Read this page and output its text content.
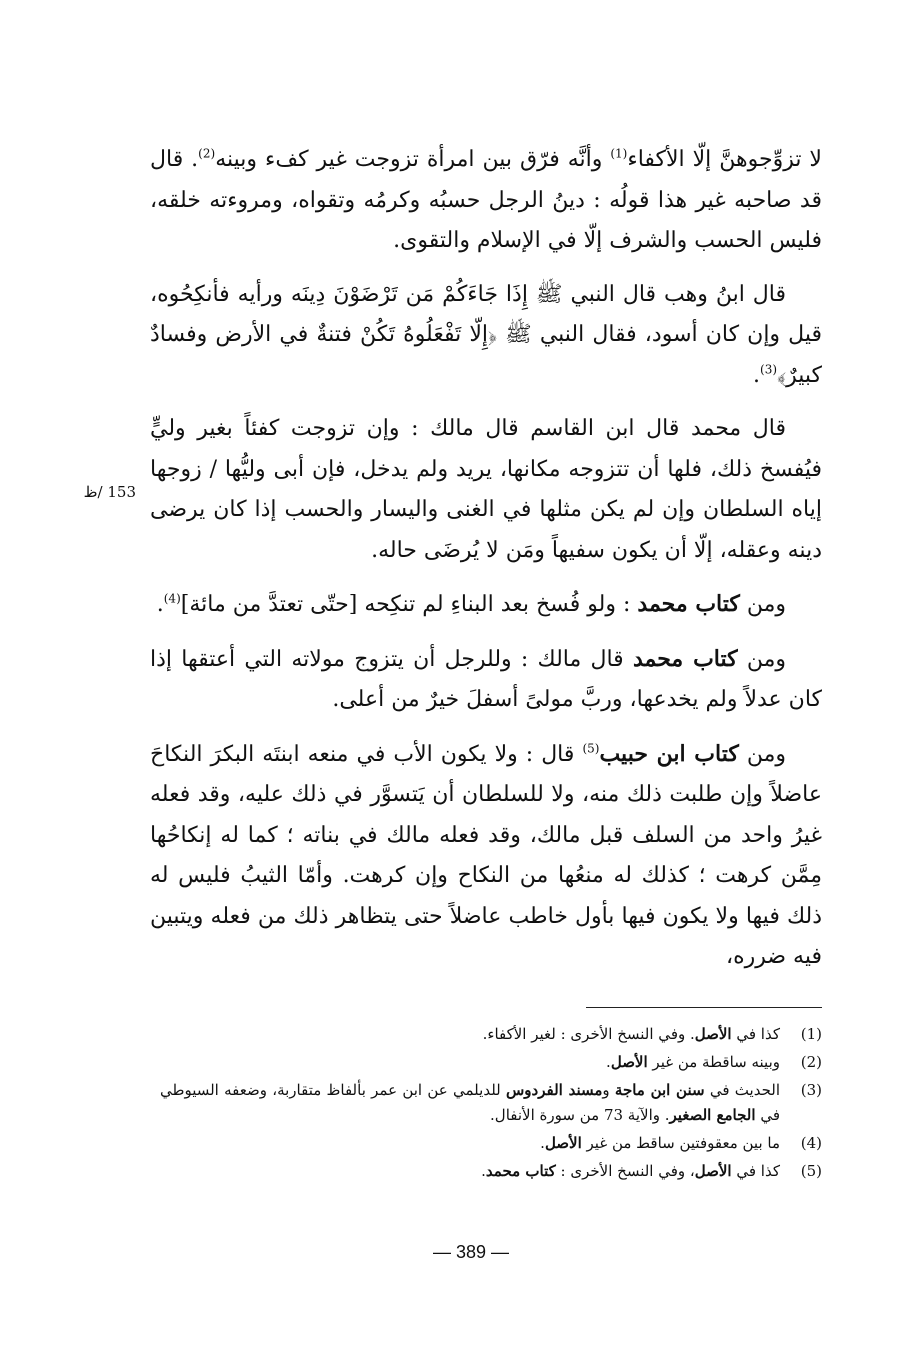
لا تزوِّجوهنَّ إلّا الأكفاء$^{(1)}$ وأنَّه فرّق بين امرأة تزوجت غير كفء وبينه$^{(2)}$. قال قد صاحبه غير هذا قولُه : دينُ الرجل حسبُه وكرمُه وتقواه، ومروءته خلقه، فليس الحسب والشرف إلّا في الإسلام والتقوى.

قال ابنُ وهب قال النبي ﷺ إِذَا جَاءَكُمْ مَن تَرْضَوْنَ دِينَه ورأيه فأنكِحُوه، قيل وإن كان أسود، فقال النبي ﷺ ﴿إِلّا تَفْعَلُوهُ تَكُنْ فتنةٌ في الأرض وفسادٌ كبيرٌ﴾$^{(3)}$.

قال محمد قال ابن القاسم قال مالك : وإن تزوجت كفئاً بغير وليٍّ فيُفسخ ذلك، فلها أن تتزوجه مكانها، يريد ولم يدخل، فإن أبى وليُّها / زوجها إياه السلطان وإن لم يكن مثلها في الغنى واليسار والحسب إذا كان يرضى دينه وعقله، إلّا أن يكون سفيهاً ومَن لا يُرضَى حاله.

ومن كتاب محمد : ولو فُسخ بعد البناءِ لم تنكِحه [حتّى تعتدَّ من مائة]$^{(4)}$.

ومن كتاب محمد قال مالك : وللرجل أن يتزوج مولاته التي أعتقها إذا كان عدلاً ولم يخدعها، وربَّ مولىً أسفلَ خيرٌ من أعلى.

ومن كتاب ابن حبيب$^{(5)}$ قال : ولا يكون الأب في منعه ابنتَه البكرَ النكاحَ عاضلاً وإن طلبت ذلك منه، ولا للسلطان أن يَتسوَّر في ذلك عليه، وقد فعله غيرُ واحد من السلف قبل مالك، وقد فعله مالك في بناته ؛ كما له إنكاحُها مِمَّن كرهت ؛ كذلك له منعُها من النكاح وإن كرهت. وأمّا الثيبُ فليس له ذلك فيها ولا يكون فيها بأول خاطب عاضلاً حتى يتظاهر ذلك من فعله ويتبين فيه ضرره،

153 /ظ
(1)
كذا في الأصل. وفي النسخ الأخرى : لغير الأكفاء.
(2)
وبينه ساقطة من غير الأصل.
(3)
الحديث في سنن ابن ماجة ومسند الفردوس للديلمي عن ابن عمر بألفاظ متقاربة، وضعفه السيوطي في الجامع الصغير. والآية 73 من سورة الأنفال.
(4)
ما بين معقوفتين ساقط من غير الأصل.
(5)
كذا في الأصل، وفي النسخ الأخرى : كتاب محمد.
— 389 —
